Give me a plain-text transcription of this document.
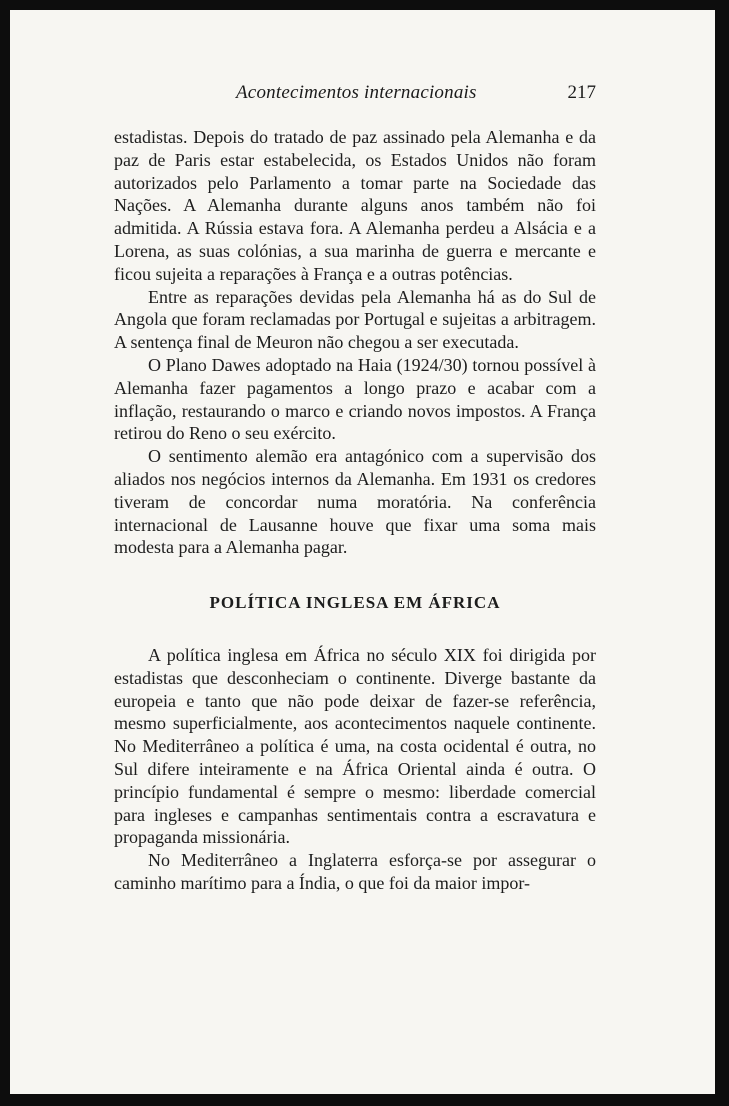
Acontecimentos internacionais	217

estadistas. Depois do tratado de paz assinado pela Alemanha e da paz de Paris estar estabelecida, os Estados Unidos não foram autorizados pelo Parlamento a tomar parte na Sociedade das Nações. A Alemanha durante alguns anos também não foi admitida. A Rússia estava fora. A Alemanha perdeu a Alsácia e a Lorena, as suas colónias, a sua marinha de guerra e mercante e ficou sujeita a reparações à França e a outras potências.

Entre as reparações devidas pela Alemanha há as do Sul de Angola que foram reclamadas por Portugal e sujeitas a arbitragem. A sentença final de Meuron não chegou a ser executada.

O Plano Dawes adoptado na Haia (1924/30) tornou possível à Alemanha fazer pagamentos a longo prazo e acabar com a inflação, restaurando o marco e criando novos impostos. A França retirou do Reno o seu exército.

O sentimento alemão era antagónico com a supervisão dos aliados nos negócios internos da Alemanha. Em 1931 os credores tiveram de concordar numa moratória. Na conferência internacional de Lausanne houve que fixar uma soma mais modesta para a Alemanha pagar.

POLÍTICA INGLESA EM ÁFRICA

A política inglesa em África no século XIX foi dirigida por estadistas que desconheciam o continente. Diverge bastante da europeia e tanto que não pode deixar de fazer-se referência, mesmo superficialmente, aos acontecimentos naquele continente. No Mediterrâneo a política é uma, na costa ocidental é outra, no Sul difere inteiramente e na África Oriental ainda é outra. O princípio fundamental é sempre o mesmo: liberdade comercial para ingleses e campanhas sentimentais contra a escravatura e propaganda missionária.

No Mediterrâneo a Inglaterra esforça-se por assegurar o caminho marítimo para a Índia, o que foi da maior impor-
